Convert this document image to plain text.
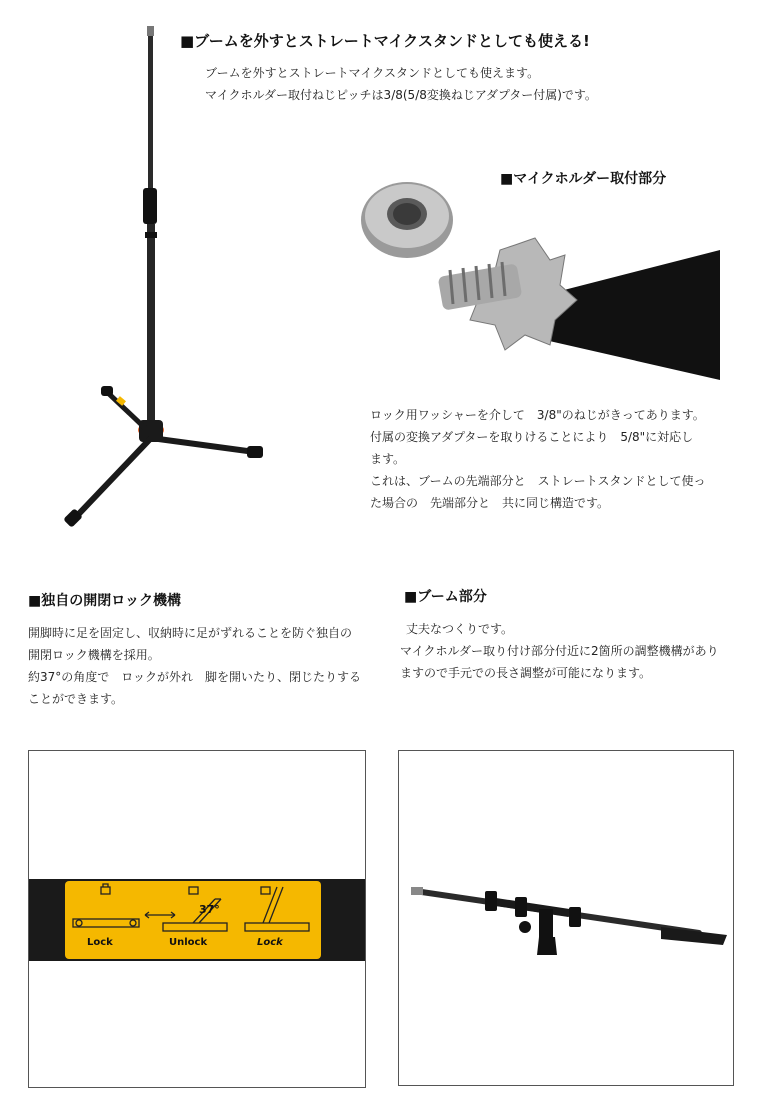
■ブームを外すとストレートマイクスタンドとしても使える!
ブームを外すとストレートマイクスタンドとしても使えます。
マイクホルダー取付ねじピッチは3/8(5/8変換ねじアダプター付属)です。
■マイクホルダー取付部分
ロック用ワッシャーを介して　3/8"のねじがきってあります。
付属の変換アダプターを取りけることにより　5/8"に対応し
ます。
これは、ブームの先端部分と　ストレートスタンドとして使っ
た場合の　先端部分と　共に同じ構造です。
■独自の開閉ロック機構
開脚時に足を固定し、収納時に足がずれることを防ぐ独自の
開閉ロック機構を採用。
約37°の角度で　ロックが外れ　脚を開いたり、閉じたりする
ことができます。
■ブーム部分
丈夫なつくりです。
マイクホルダー取り付け部分付近に2箇所の調整機構があり
ますので手元での長さ調整が可能になります。
37°
Lock	Unlock	Lock
